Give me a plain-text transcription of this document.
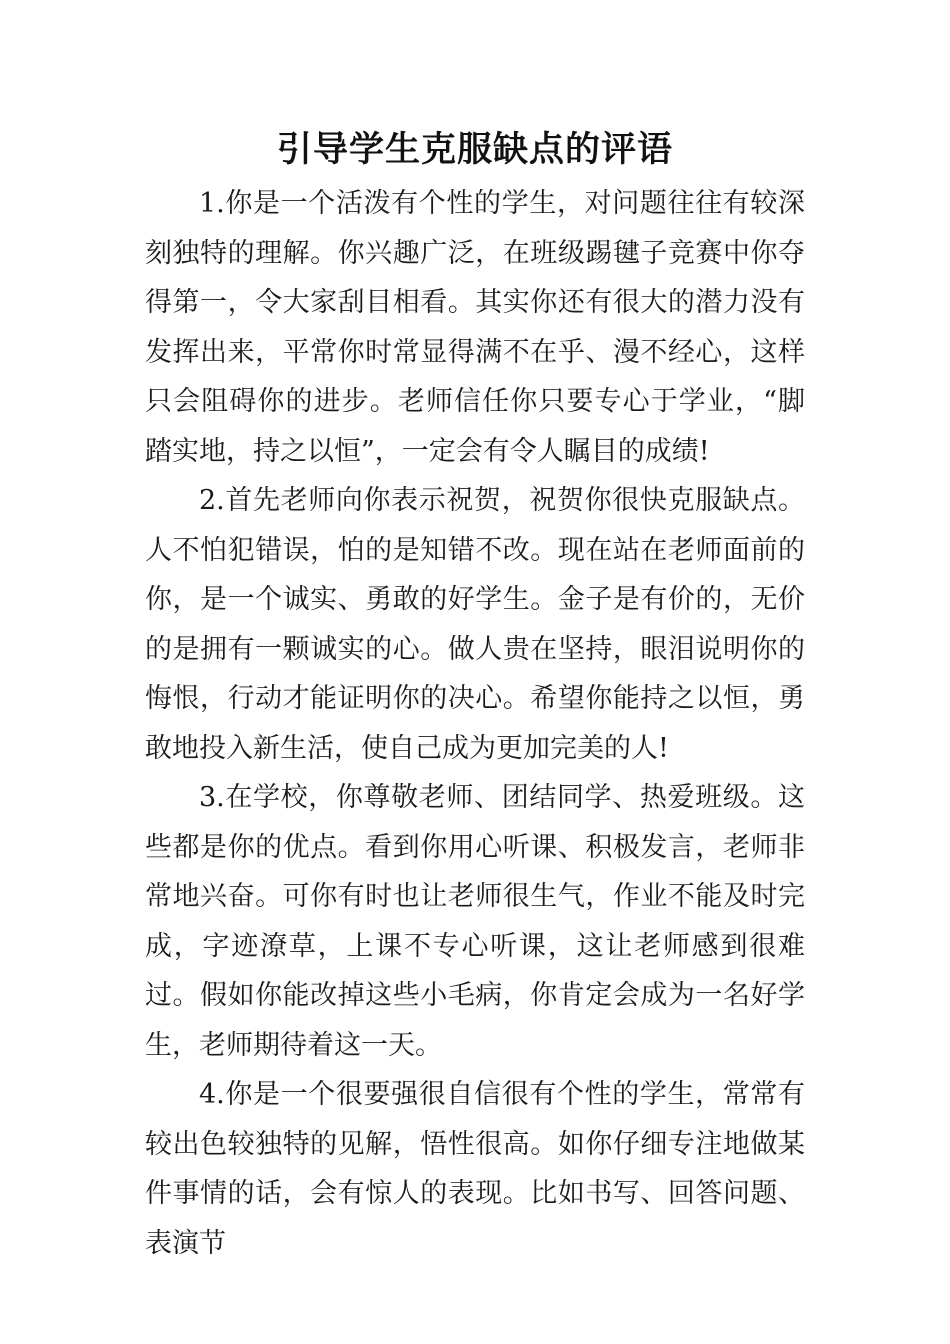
引导学生克服缺点的评语

1.你是一个活泼有个性的学生，对问题往往有较深刻独特的理解。你兴趣广泛，在班级踢毽子竞赛中你夺得第一，令大家刮目相看。其实你还有很大的潜力没有发挥出来，平常你时常显得满不在乎、漫不经心，这样只会阻碍你的进步。老师信任你只要专心于学业，“脚踏实地，持之以恒”，一定会有令人瞩目的成绩!

2.首先老师向你表示祝贺，祝贺你很快克服缺点。人不怕犯错误，怕的是知错不改。现在站在老师面前的你，是一个诚实、勇敢的好学生。金子是有价的，无价的是拥有一颗诚实的心。做人贵在坚持，眼泪说明你的悔恨，行动才能证明你的决心。希望你能持之以恒，勇敢地投入新生活，使自己成为更加完美的人!

3.在学校，你尊敬老师、团结同学、热爱班级。这些都是你的优点。看到你用心听课、积极发言，老师非常地兴奋。可你有时也让老师很生气，作业不能及时完成，字迹潦草，上课不专心听课，这让老师感到很难过。假如你能改掉这些小毛病，你肯定会成为一名好学生，老师期待着这一天。

4.你是一个很要强很自信很有个性的学生，常常有较出色较独特的见解，悟性很高。如你仔细专注地做某件事情的话，会有惊人的表现。比如书写、回答问题、表演节
